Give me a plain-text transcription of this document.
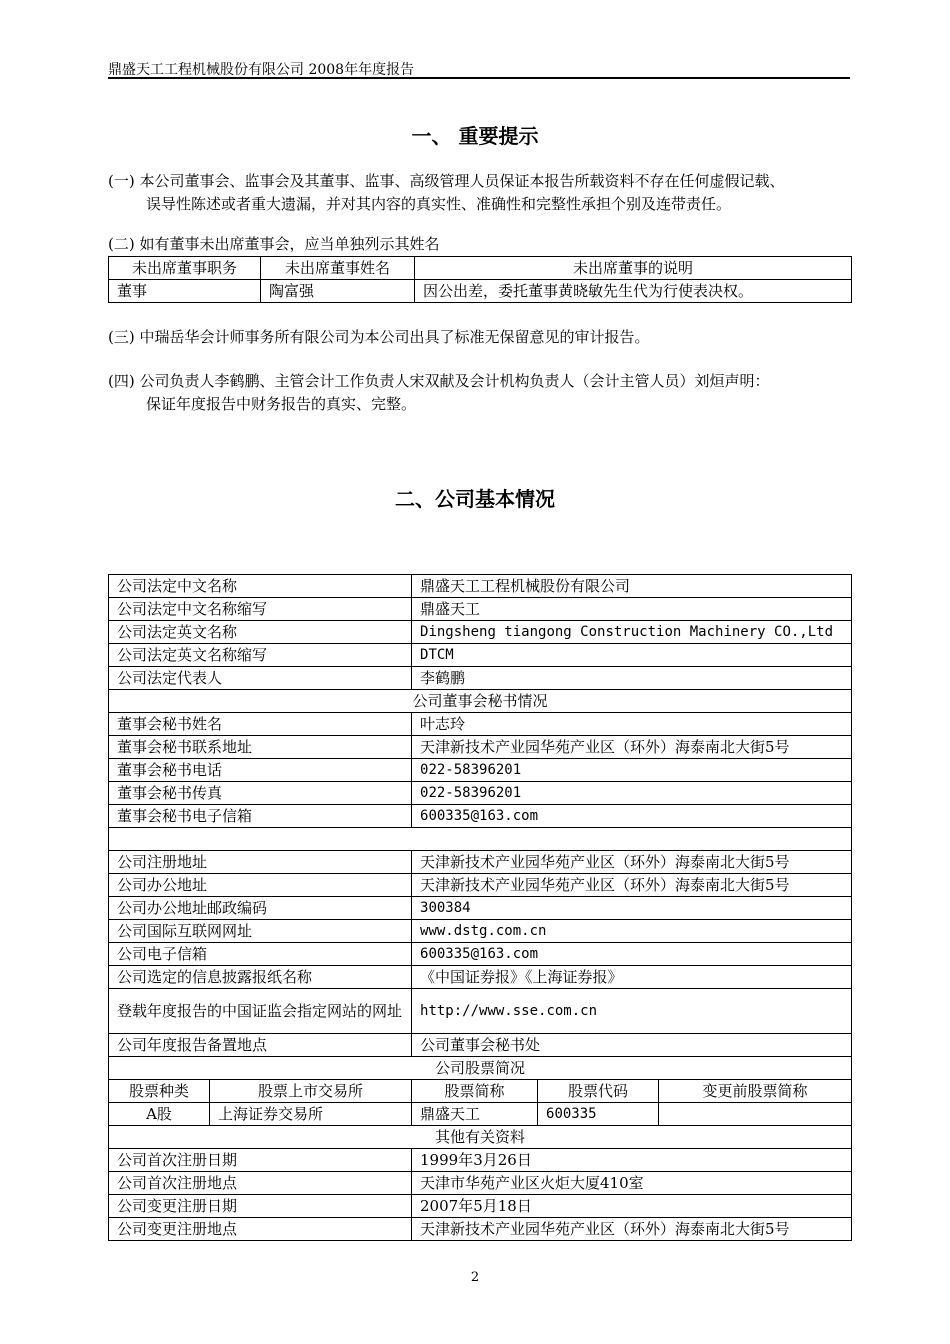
鼎盛天工工程机械股份有限公司 2008年年度报告
一、 重要提示
(一) 本公司董事会、监事会及其董事、监事、高级管理人员保证本报告所载资料不存在任何虚假记载、
误导性陈述或者重大遗漏，并对其内容的真实性、准确性和完整性承担个别及连带责任。
(二) 如有董事未出席董事会，应当单独列示其姓名
未出席董事职务	未出席董事姓名	未出席董事的说明
董事	陶富强	因公出差，委托董事黄晓敏先生代为行使表决权。
(三) 中瑞岳华会计师事务所有限公司为本公司出具了标准无保留意见的审计报告。
(四) 公司负责人李鹤鹏、主管会计工作负责人宋双献及会计机构负责人（会计主管人员）刘烜声明：
保证年度报告中财务报告的真实、完整。
二、公司基本情况
公司法定中文名称		鼎盛天工工程机械股份有限公司		
公司法定中文名称缩写		鼎盛天工		
公司法定英文名称		Dingsheng tiangong Construction Machinery CO.,Ltd		
公司法定英文名称缩写		DTCM		
公司法定代表人		李鹤鹏		
公司董事会秘书情况				
董事会秘书姓名		叶志玲		
董事会秘书联系地址		天津新技术产业园华苑产业区（环外）海泰南北大街5号		
董事会秘书电话		022-58396201		
董事会秘书传真		022-58396201		
董事会秘书电子信箱		600335@163.com		

公司注册地址		天津新技术产业园华苑产业区（环外）海泰南北大街5号		
公司办公地址		天津新技术产业园华苑产业区（环外）海泰南北大街5号		
公司办公地址邮政编码		300384		
公司国际互联网网址		www.dstg.com.cn		
公司电子信箱		600335@163.com		
公司选定的信息披露报纸名称		《中国证券报》《上海证券报》		
登载年度报告的中国证监会指定网站的网址		http://www.sse.com.cn		
公司年度报告备置地点		公司董事会秘书处		
公司股票简况				
股票种类	股票上市交易所	股票简称	股票代码	变更前股票简称
A股	上海证券交易所	鼎盛天工	600335	
其他有关资料				
公司首次注册日期		1999年3月26日		
公司首次注册地点		天津市华苑产业区火炬大厦410室		
公司变更注册日期		2007年5月18日		
公司变更注册地点		天津新技术产业园华苑产业区（环外）海泰南北大街5号		
2
